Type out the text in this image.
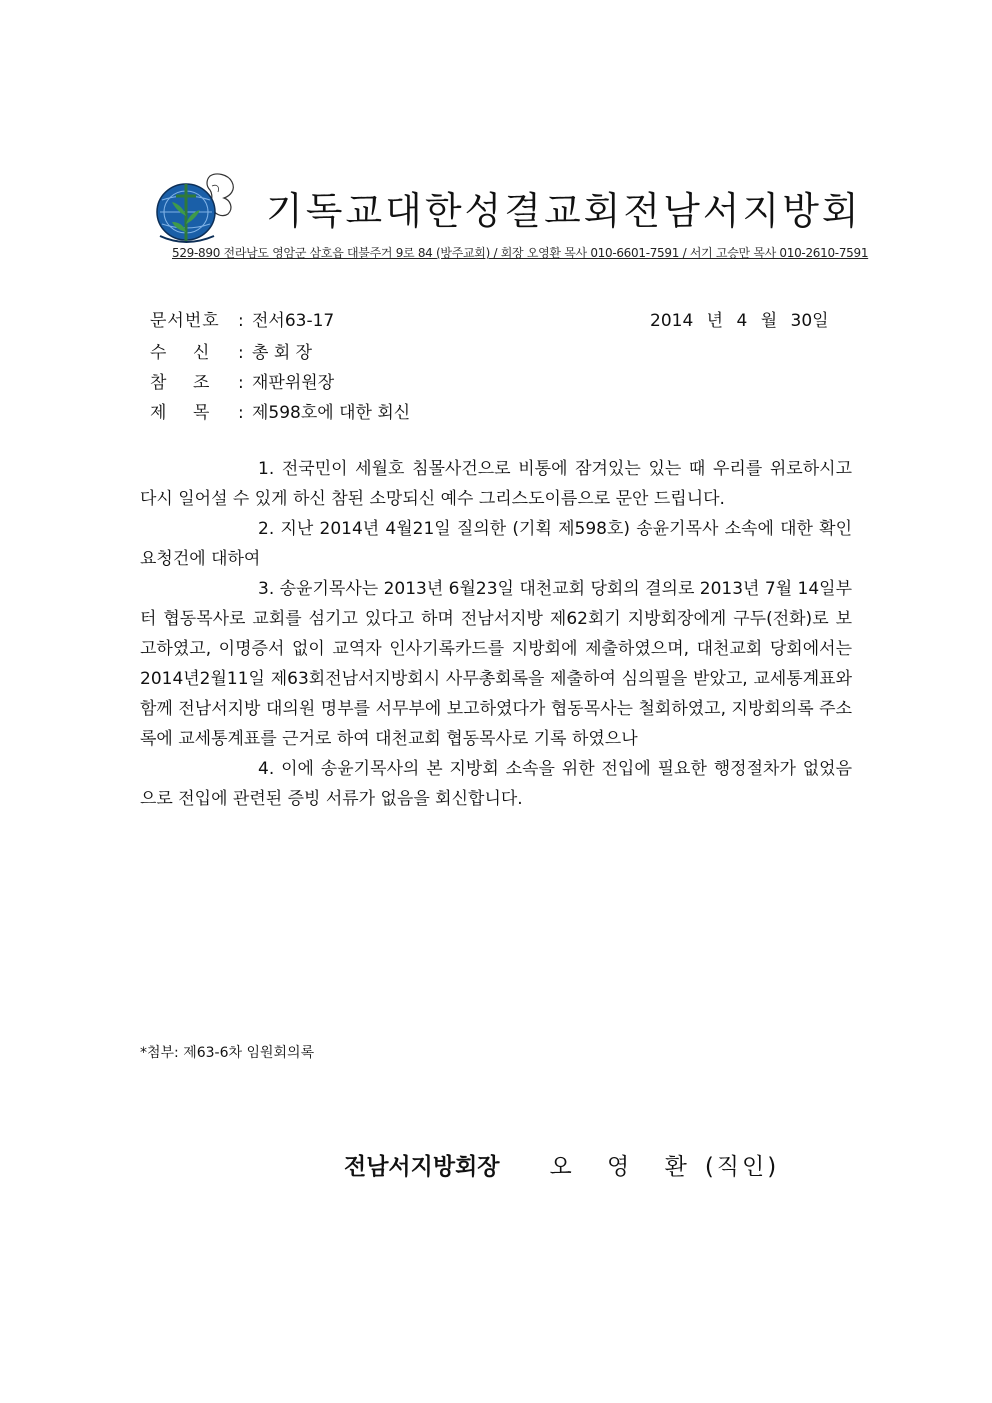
기독교대한성결교회전남서지방회
529-890 전라남도 영암군 삼호읍 대불주거 9로 84 (방주교회) / 회장 오영환 목사 010-6601-7591 / 서기 고승만 목사 010-2610-7591
문서번호 : 전서63-17	2014 년 4 월 30일
수    신 : 총 회 장
참    조 : 재판위원장
제    목 : 제598호에 대한 회신

1. 전국민이 세월호 침몰사건으로 비통에 잠겨있는 있는 때 우리를 위로하시고 다시 일어설 수 있게 하신 참된 소망되신 예수 그리스도이름으로 문안 드립니다.

2. 지난 2014년 4월21일 질의한 (기획 제598호) 송윤기목사 소속에 대한 확인 요청건에 대하여

3. 송윤기목사는 2013년 6월23일 대천교회 당회의 결의로 2013년 7월 14일부터 협동목사로 교회를 섬기고 있다고 하며 전남서지방 제62회기 지방회장에게 구두(전화)로 보고하였고, 이명증서 없이 교역자 인사기록카드를 지방회에 제출하였으며, 대천교회 당회에서는 2014년2월11일 제63회전남서지방회시 사무총회록을 제출하여 심의필을 받았고, 교세통계표와 함께 전남서지방 대의원 명부를 서무부에 보고하였다가 협동목사는 철회하였고, 지방회의록 주소록에 교세통계표를 근거로 하여 대천교회 협동목사로 기록 하였으나

4. 이에 송윤기목사의 본 지방회 소속을 위한 전입에 필요한 행정절차가 없었음으로 전입에 관련된 증빙 서류가 없음을 회신합니다.

*첨부: 제63-6차 임원회의록
전남서지방회장 오 영 환 (직인)
